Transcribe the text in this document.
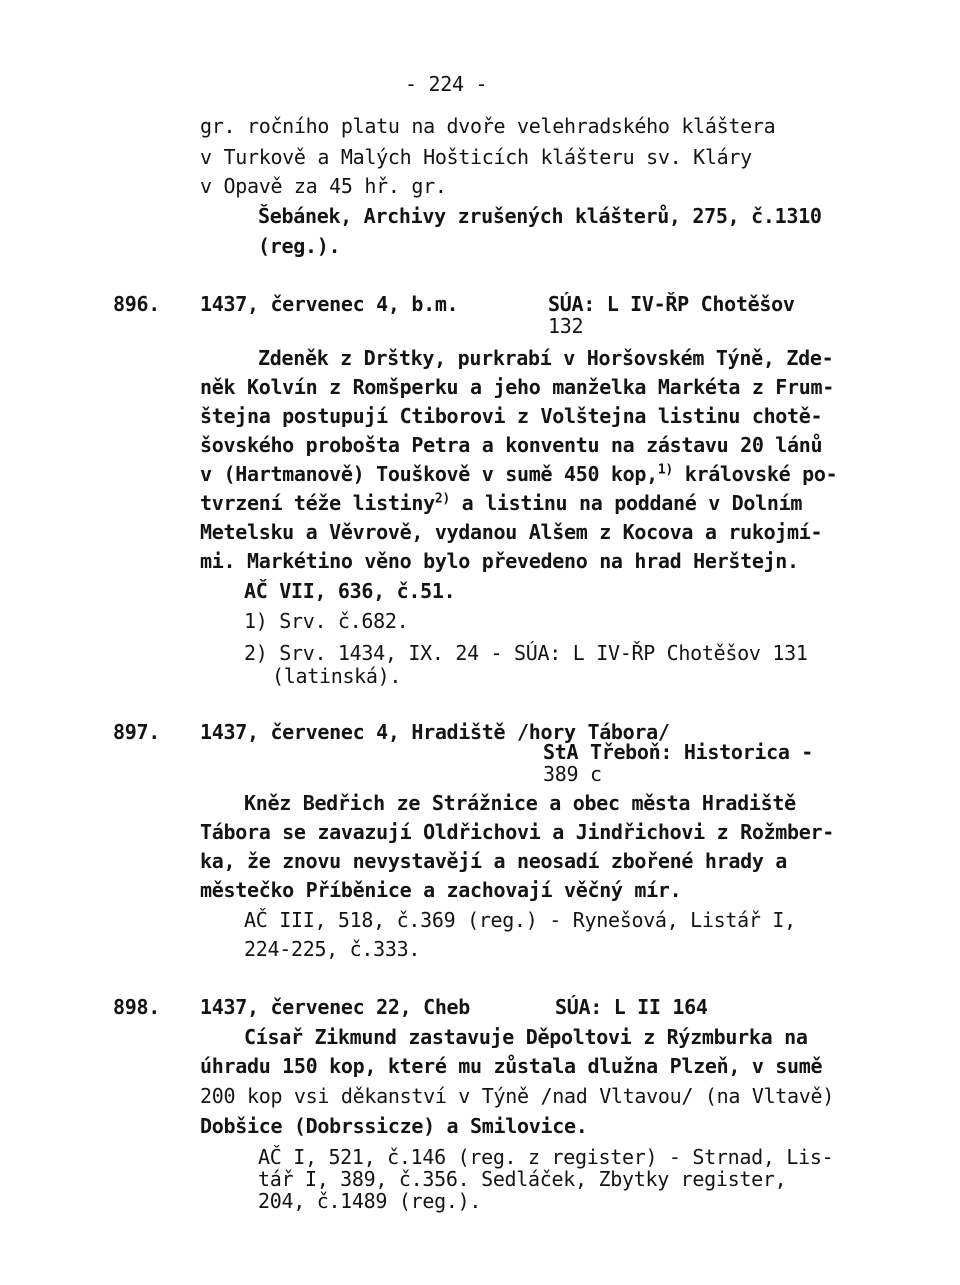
- 224 -
gr. ročního platu na dvoře velehradského kláštera
v Turkově a Malých Hošticích klášteru sv. Kláry
v Opavě za 45 hř. gr.
Šebánek, Archivy zrušených klášterů, 275, č.1310
(reg.).
896. 1437, červenec 4, b.m.	SÚA: L IV-ŘP Chotěšov
132
Zdeněk z Drštky, purkrabí v Horšovském Týně, Zde-
něk Kolvín z Romšperku a jeho manželka Markéta z Frum-
štejna postupují Ctiborovi z Volštejna listinu chotě-
šovského proboštа Petra a konventu na zástavu 20 lánů
v (Hartmanově) Touškově v sumě 450 kop,$^{1)}$ královské po-
tvrzení téže listiny$^{2)}$ a listinu na poddané v Dolním
Metelsku a Věvrově, vydanou Alšem z Kocova a rukojmí-
mi. Markétino věno bylo převedeno na hrad Herštejn.
AČ VII, 636, č.51.
1) Srv. č.682.
2) Srv. 1434, IX. 24 - SÚA: L IV-ŘP Chotěšov 131
(latinská).
897. 1437, červenec 4, Hradiště /hory Tábora/
StA Třeboň: Historica -
389 c
Kněz Bedřich ze Strážnice a obec města Hradiště
Tábora se zavazují Oldřichovi a Jindřichovi z Rožmber-
ka, že znovu nevystavějí a neosadí zbořené hrady a
městečko Příběnice a zachovají věčný mír.
AČ III, 518, č.369 (reg.) - Rynešová, Listář I,
224-225, č.333.
898. 1437, červenec 22, Cheb	SÚA: L II 164
Císař Zikmund zastavuje Děpoltovi z Rýzmburka na
úhradu 150 kop, které mu zůstala dlužna Plzeň, v sumě
200 kop vsi děkanství v Týně /nad Vltavou/ (na Vltavě)
Dobšice (Dobrssicze) a Smilovice.
AČ I, 521, č.146 (reg. z register) - Strnad, Lis-
tář I, 389, č.356. Sedláček, Zbytky register,
204, č.1489 (reg.).
